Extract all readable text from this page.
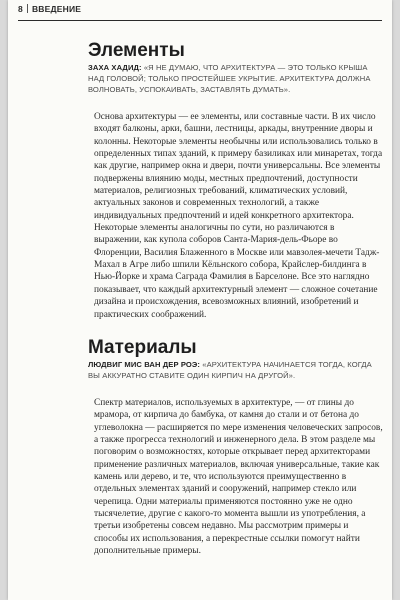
8 ВВЕДЕНИЕ
Элементы

ЗАХА ХАДИД: «Я НЕ ДУМАЮ, ЧТО АРХИТЕКТУРА — ЭТО ТОЛЬКО КРЫША НАД ГОЛОВОЙ; ТОЛЬКО ПРОСТЕЙШЕЕ УКРЫТИЕ. АРХИТЕКТУРА ДОЛЖНА ВОЛНОВАТЬ, УСПОКАИВАТЬ, ЗАСТАВЛЯТЬ ДУМАТЬ».

Основа архитектуры — ее элементы, или составные части. В их число входят балконы, арки, башни, лестницы, аркады, внутренние дворы и колонны. Некоторые элементы необычны или использовались только в определенных типах зданий, к примеру базиликах или минаретах, тогда как другие, например окна и двери, почти универсальны. Все элементы подвержены влиянию моды, местных предпочтений, доступности материалов, религиозных требований, климатических условий, актуальных законов и современных технологий, а также индивидуальных предпочтений и идей конкретного архитектора. Некоторые элементы аналогичны по сути, но различаются в выражении, как купола соборов Санта-Мария-дель-Фьоре во Флоренции, Василия Блаженного в Москве или мавзолея-мечети Тадж-Махал в Агре либо шпили Кёльнского собора, Крайслер-билдинга в Нью-Йорке и храма Саграда Фамилия в Барселоне. Все это наглядно показывает, что каждый архитектурный элемент — сложное сочетание дизайна и происхождения, всевозможных влияний, изобретений и практических соображений.

Материалы

ЛЮДВИГ МИС ВАН ДЕР РОЭ: «АРХИТЕКТУРА НАЧИНАЕТСЯ ТОГДА, КОГДА ВЫ АККУРАТНО СТАВИТЕ ОДИН КИРПИЧ НА ДРУГОЙ».

Спектр материалов, используемых в архитектуре, — от глины до мрамора, от кирпича до бамбука, от камня до стали и от бетона до углеволокна — расширяется по мере изменения человеческих запросов, а также прогресса технологий и инженерного дела. В этом разделе мы поговорим о возможностях, которые открывает перед архитекторами применение различных материалов, включая универсальные, такие как камень или дерево, и те, что используются преимущественно в отдельных элементах зданий и сооружений, например стекло или черепица. Одни материалы применяются постоянно уже не одно тысячелетие, другие с какого-то момента вышли из употребления, а третьи изобретены совсем недавно. Мы рассмотрим примеры и способы их использования, а перекрестные ссылки помогут найти дополнительные примеры.
